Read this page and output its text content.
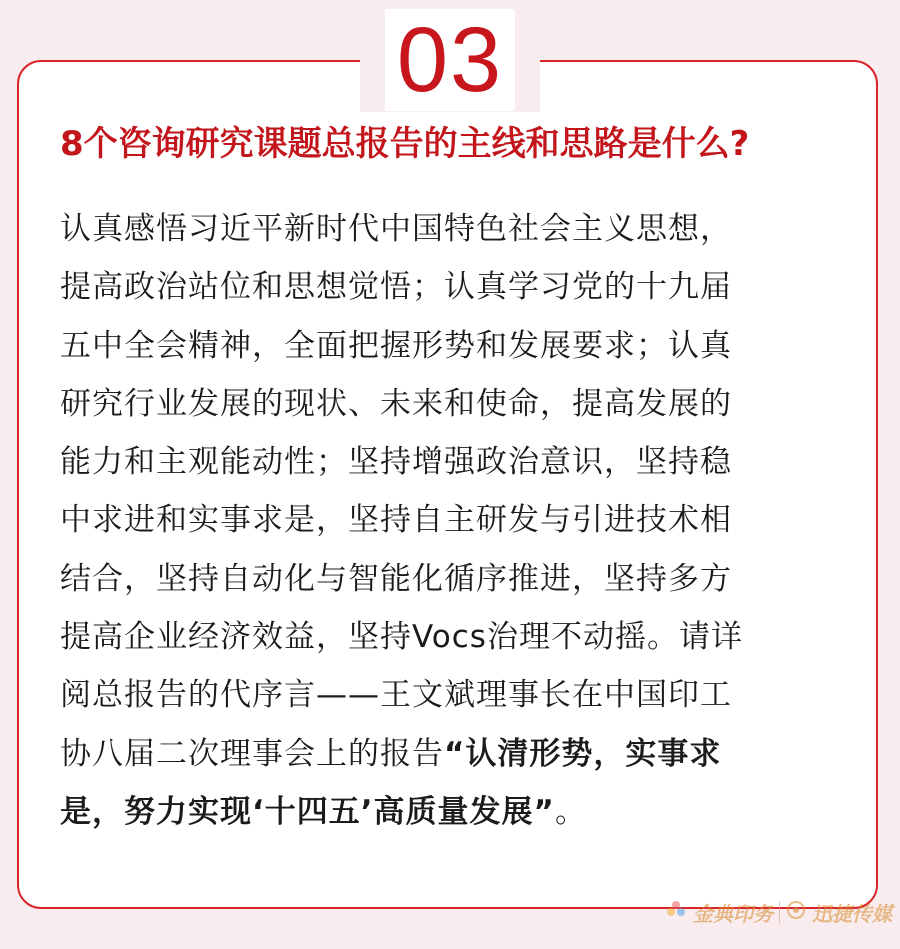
03
8个咨询研究课题总报告的主线和思路是什么?
认真感悟习近平新时代中国特色社会主义思想，
提高政治站位和思想觉悟；认真学习党的十九届
五中全会精神，全面把握形势和发展要求；认真
研究行业发展的现状、未来和使命，提高发展的
能力和主观能动性；坚持增强政治意识，坚持稳
中求进和实事求是，坚持自主研发与引进技术相
结合，坚持自动化与智能化循序推进，坚持多方
提高企业经济效益，坚持Vocs治理不动摇。请详
阅总报告的代序言——王文斌理事长在中国印工
协八届二次理事会上的报告“认清形势，实事求
是，努力实现‘十四五’高质量发展”。
金典印务 迅捷传媒
